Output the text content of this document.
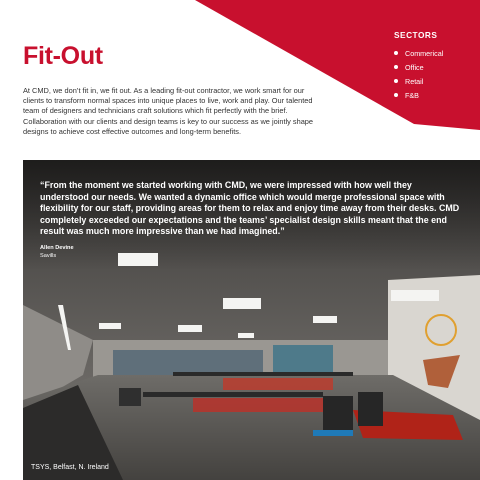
Fit-Out

At CMD, we don’t fit in, we fit out. As a leading fit-out contractor, we work smart for our clients to transform normal spaces into unique places to live, work and play. Our talented team of designers and technicians craft solutions which fit perfectly with the brief. Collaboration with our clients and design teams is key to our success as we jointly shape designs to achieve cost effective outcomes and long-term benefits.

SECTORS
Commerical
Office
Retail
F&B

“From the moment we started working with CMD, we were impressed with how well they understood our needs. We wanted a dynamic office which would merge professional space with flexibility for our staff, providing areas for them to relax and enjoy time away from their desks. CMD completely exceeded our expectations and the teams’ specialist design skills meant that the end result was much more impressive than we had imagined.”

Allen Devine
Savills
TSYS, Belfast, N. Ireland
